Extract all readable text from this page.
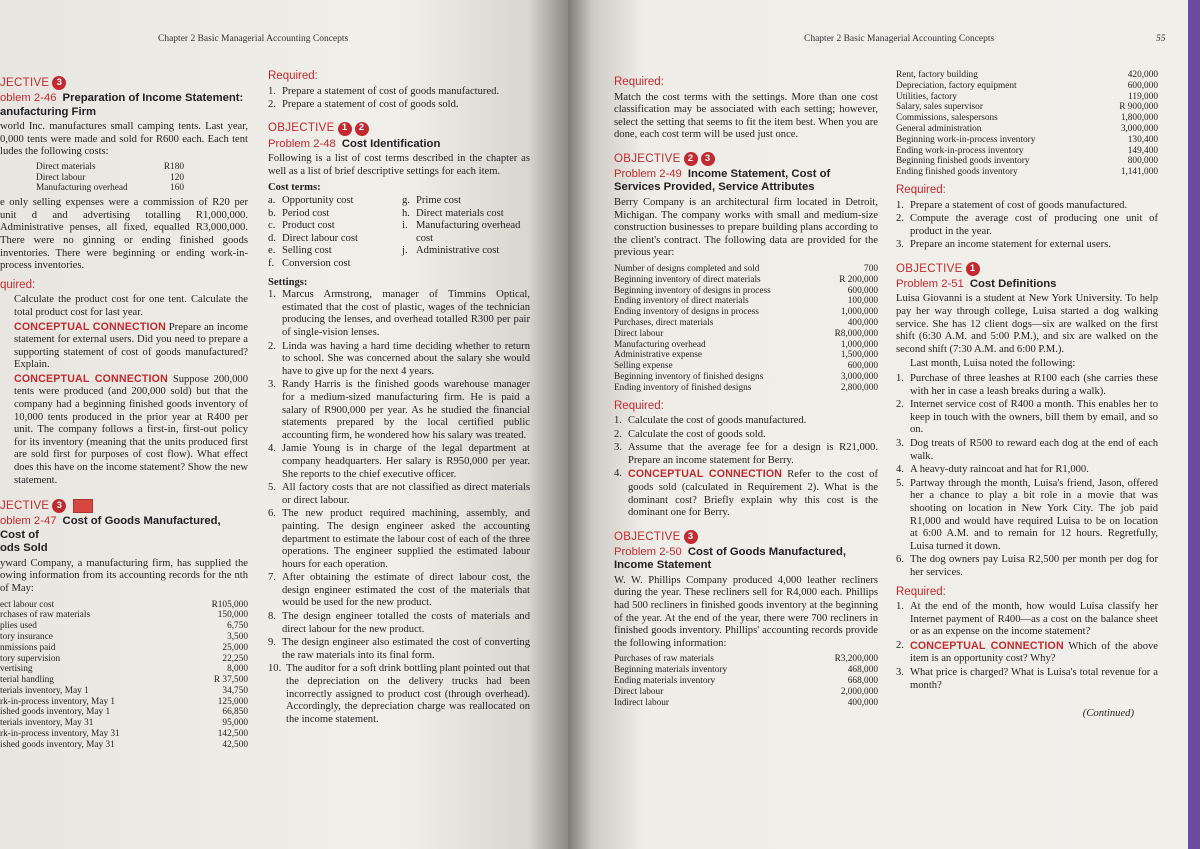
Chapter 2 Basic Managerial Accounting Concepts
JECTIVE 3
oblem 2-46 Preparation of Income Statement:
anufacturing Firm

world Inc. manufactures small camping tents. Last year, 0,000 tents were made and sold for R600 each. Each tent ludes the following costs:

Direct materials	R180
Direct labour	120
Manufacturing overhead	160

e only selling expenses were a commission of R20 per unit d and advertising totalling R1,000,000. Administrative penses, all fixed, equalled R3,000,000. There were no ginning or ending finished goods inventories. There were beginning or ending work-in-process inventories.

quired:
Calculate the product cost for one tent. Calculate the total product cost for last year.
CONCEPTUAL CONNECTION Prepare an income statement for external users. Did you need to prepare a supporting statement of cost of goods manufactured? Explain.
CONCEPTUAL CONNECTION Suppose 200,000 tents were produced (and 200,000 sold) but that the company had a beginning finished goods inventory of 10,000 tents produced in the prior year at R400 per unit. The company follows a first-in, first-out policy for its inventory (meaning that the units produced first are sold first for purposes of cost flow). What effect does this have on the income statement? Show the new statement.
JECTIVE 3
oblem 2-47 Cost of Goods Manufactured, Cost of
ods Sold

yward Company, a manufacturing firm, has supplied the owing information from its accounting records for the nth of May:

ect labour cost	R105,000
rchases of raw materials	150,000
plies used	6,750
tory insurance	3,500
nmissions paid	25,000
tory supervision	22,250
vertising	8,000
terial handling	R 37,500
terials inventory, May 1	34,750
rk-in-process inventory, May 1	125,000
ished goods inventory, May 1	66,850
terials inventory, May 31	95,000
rk-in-process inventory, May 31	142,500
ished goods inventory, May 31	42,500
Required:
1. Prepare a statement of cost of goods manufactured.
2. Prepare a statement of cost of goods sold.
OBJECTIVE 1	2
Problem 2-48 Cost Identification

Following is a list of cost terms described in the chapter as well as a list of brief descriptive settings for each item.

Cost terms:
a. Opportunity cost
b. Period cost
c. Product cost
d. Direct labour cost
e. Selling cost
f. Conversion cost
g. Prime cost
h. Direct materials cost
i. Manufacturing overhead cost
j. Administrative cost
Settings:
1. Marcus Armstrong, manager of Timmins Optical, estimated that the cost of plastic, wages of the technician producing the lenses, and overhead totalled R300 per pair of single-vision lenses.
2. Linda was having a hard time deciding whether to return to school. She was concerned about the salary she would have to give up for the next 4 years.
3. Randy Harris is the finished goods warehouse manager for a medium-sized manufacturing firm. He is paid a salary of R900,000 per year. As he studied the financial statements prepared by the local certified public accounting firm, he wondered how his salary was treated.
4. Jamie Young is in charge of the legal department at company headquarters. Her salary is R950,000 per year. She reports to the chief executive officer.
5. All factory costs that are not classified as direct materials or direct labour.
6. The new product required machining, assembly, and painting. The design engineer asked the accounting department to estimate the labour cost of each of the three operations. The engineer supplied the estimated labour hours for each operation.
7. After obtaining the estimate of direct labour cost, the design engineer estimated the cost of the materials that would be used for the new product.
8. The design engineer totalled the costs of materials and direct labour for the new product.
9. The design engineer also estimated the cost of converting the raw materials into its final form.
10. The auditor for a soft drink bottling plant pointed out that the depreciation on the delivery trucks had been incorrectly assigned to product cost (through overhead). Accordingly, the depreciation charge was reallocated on the income statement.
Chapter 2 Basic Managerial Accounting Concepts	55
Required:

Match the cost terms with the settings. More than one cost classification may be associated with each setting; however, select the setting that seems to fit the item best. When you are done, each cost term will be used just once.

OBJECTIVE 2	3
Problem 2-49 Income Statement, Cost of Services Provided, Service Attributes

Berry Company is an architectural firm located in Detroit, Michigan. The company works with small and medium-size construction businesses to prepare building plans according to the client's contract. The following data are provided for the previous year:

Number of designs completed and sold	700
Beginning inventory of direct materials	R 200,000
Beginning inventory of designs in process	600,000
Ending inventory of direct materials	100,000
Ending inventory of designs in process	1,000,000
Purchases, direct materials	400,000
Direct labour	R8,000,000
Manufacturing overhead	1,000,000
Administrative expense	1,500,000
Selling expense	600,000
Beginning inventory of finished designs	3,000,000
Ending inventory of finished designs	2,800,000
Required:
1. Calculate the cost of goods manufactured.
2. Calculate the cost of goods sold.
3. Assume that the average fee for a design is R21,000. Prepare an income statement for Berry.
4. CONCEPTUAL CONNECTION Refer to the cost of goods sold (calculated in Requirement 2). What is the dominant cost? Briefly explain why this cost is the dominant one for Berry.
OBJECTIVE 3
Problem 2-50 Cost of Goods Manufactured, Income Statement

W. W. Phillips Company produced 4,000 leather recliners during the year. These recliners sell for R4,000 each. Phillips had 500 recliners in finished goods inventory at the beginning of the year. At the end of the year, there were 700 recliners in finished goods inventory. Phillips' accounting records provide the following information:

Purchases of raw materials	R3,200,000
Beginning materials inventory	468,000
Ending materials inventory	668,000
Direct labour	2,000,000
Indirect labour	400,000
Rent, factory building	420,000
Depreciation, factory equipment	600,000
Utilities, factory	119,000
Salary, sales supervisor	R 900,000
Commissions, salespersons	1,800,000
General administration	3,000,000
Beginning work-in-process inventory	130,400
Ending work-in-process inventory	149,400
Beginning finished goods inventory	800,000
Ending finished goods inventory	1,141,000
Required:
1. Prepare a statement of cost of goods manufactured.
2. Compute the average cost of producing one unit of product in the year.
3. Prepare an income statement for external users.
OBJECTIVE 1
Problem 2-51 Cost Definitions

Luisa Giovanni is a student at New York University. To help pay her way through college, Luisa started a dog walking service. She has 12 client dogs—six are walked on the first shift (6:30 A.M. and 5:00 P.M.), and six are walked on the second shift (7:30 A.M. and 6:00 P.M.).

Last month, Luisa noted the following:

1. Purchase of three leashes at R100 each (she carries these with her in case a leash breaks during a walk).
2. Internet service cost of R400 a month. This enables her to keep in touch with the owners, bill them by email, and so on.
3. Dog treats of R500 to reward each dog at the end of each walk.
4. A heavy-duty raincoat and hat for R1,000.
5. Partway through the month, Luisa's friend, Jason, offered her a chance to play a bit role in a movie that was shooting on location in New York City. The job paid R1,000 and would have required Luisa to be on location at 6:00 A.M. and to remain for 12 hours. Regretfully, Luisa turned it down.
6. The dog owners pay Luisa R2,500 per month per dog for her services.
Required:
1. At the end of the month, how would Luisa classify her Internet payment of R400—as a cost on the balance sheet or as an expense on the income statement?
2. CONCEPTUAL CONNECTION Which of the above item is an opportunity cost? Why?
3. What price is charged? What is Luisa's total revenue for a month?
(Continued)
